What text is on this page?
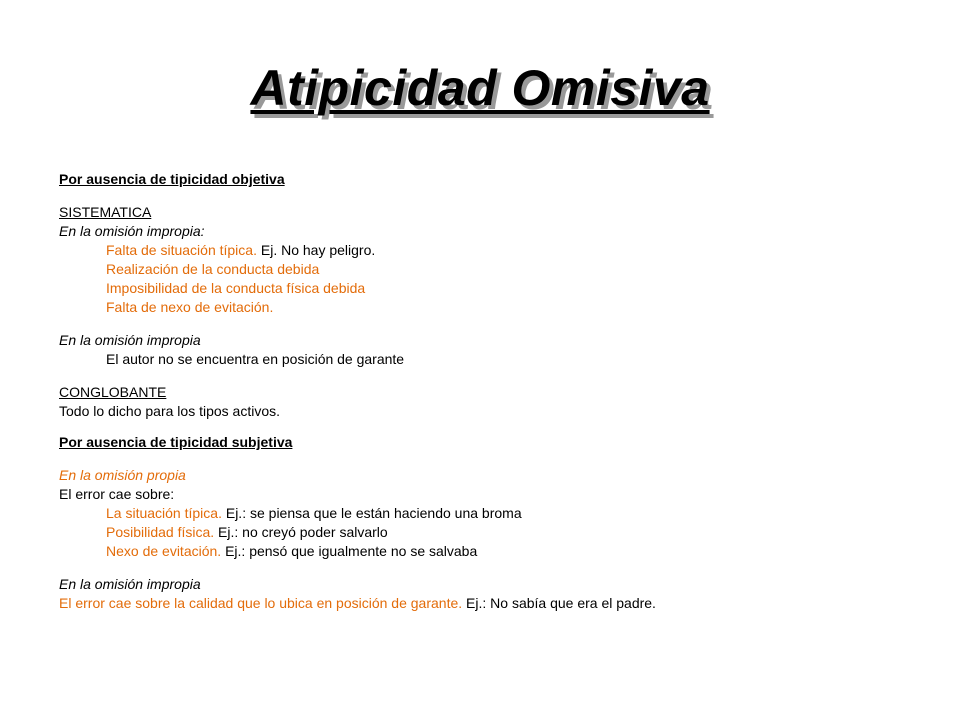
Atipicidad Omisiva
Por ausencia de tipicidad objetiva
SISTEMATICA
En la omisión impropia:
Falta de situación típica. Ej. No hay peligro.
Realización de la conducta debida
Imposibilidad de la conducta física debida
Falta de nexo de evitación.
En la omisión impropia
El autor no se encuentra en posición de garante
CONGLOBANTE
Todo lo dicho para los tipos activos.
Por ausencia de tipicidad subjetiva
En la omisión propia
El error cae sobre:
La situación típica. Ej.: se piensa que le están haciendo una broma
Posibilidad física. Ej.: no creyó poder salvarlo
Nexo de evitación. Ej.: pensó que igualmente no se salvaba
En la omisión impropia
El error cae sobre la calidad que lo ubica en posición de garante. Ej.: No sabía que era el padre.
